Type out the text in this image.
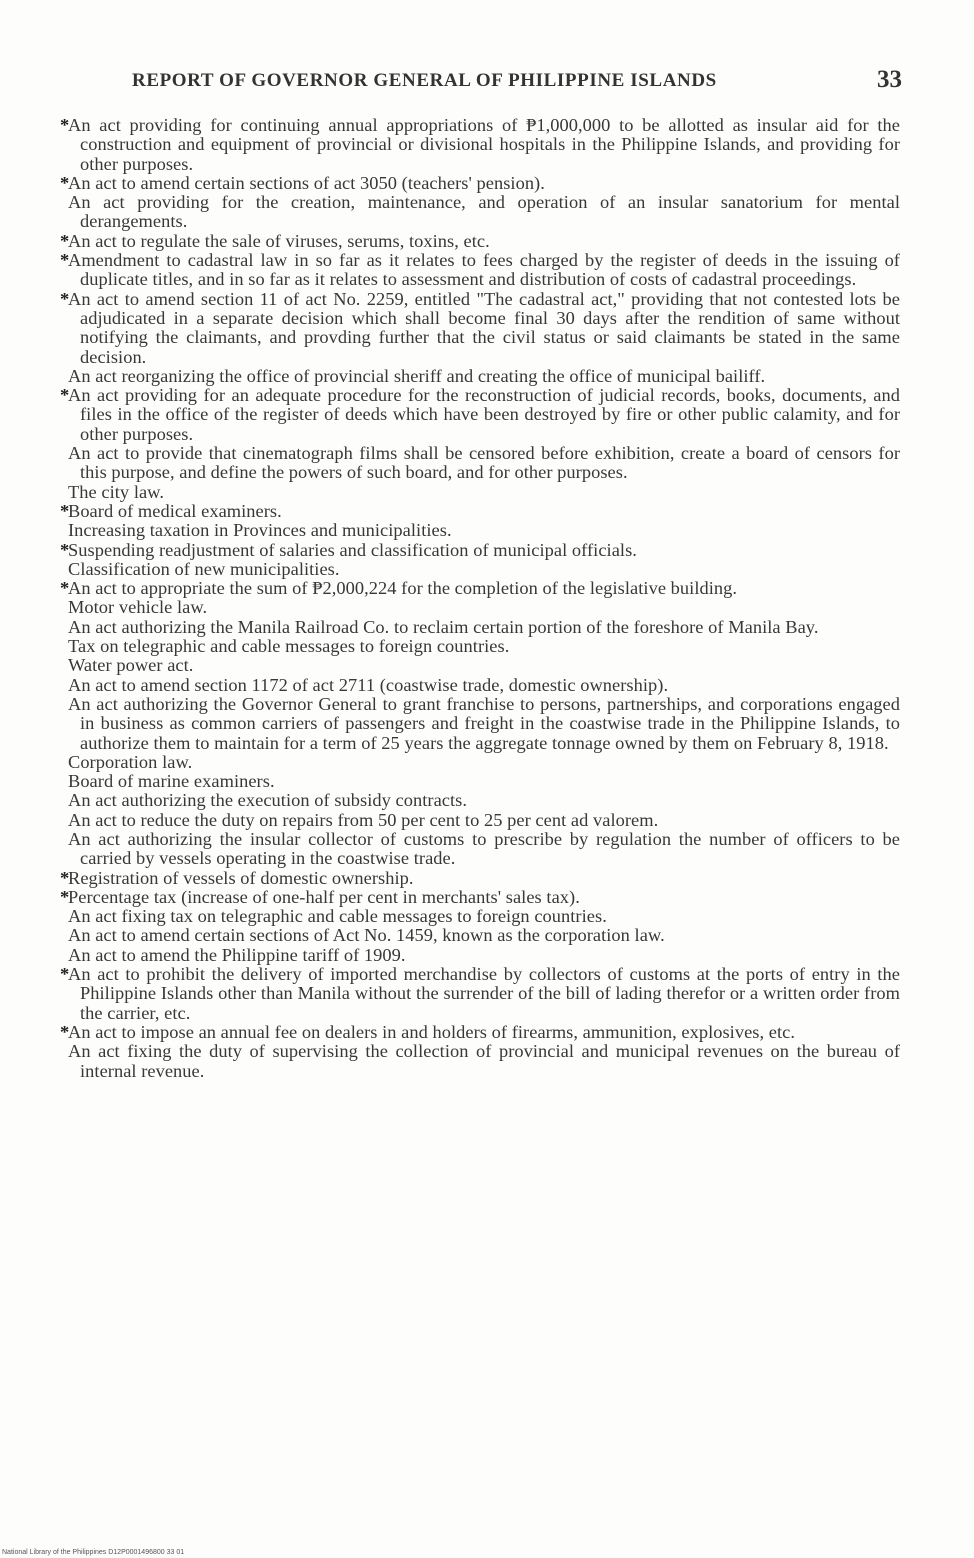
REPORT OF GOVERNOR GENERAL OF PHILIPPINE ISLANDS	33
*An act providing for continuing annual appropriations of ₱1,000,000 to be allotted as insular aid for the construction and equipment of provincial or divisional hospitals in the Philippine Islands, and providing for other purposes.
*An act to amend certain sections of act 3050 (teachers' pension).
An act providing for the creation, maintenance, and operation of an insular sanatorium for mental derangements.
*An act to regulate the sale of viruses, serums, toxins, etc.
*Amendment to cadastral law in so far as it relates to fees charged by the register of deeds in the issuing of duplicate titles, and in so far as it relates to assessment and distribution of costs of cadastral proceedings.
*An act to amend section 11 of act No. 2259, entitled "The cadastral act," providing that not contested lots be adjudicated in a separate decision which shall become final 30 days after the rendition of same without notifying the claimants, and provding further that the civil status or said claimants be stated in the same decision.
An act reorganizing the office of provincial sheriff and creating the office of municipal bailiff.
*An act providing for an adequate procedure for the reconstruction of judicial records, books, documents, and files in the office of the register of deeds which have been destroyed by fire or other public calamity, and for other purposes.
An act to provide that cinematograph films shall be censored before exhibition, create a board of censors for this purpose, and define the powers of such board, and for other purposes.
The city law.
*Board of medical examiners.
Increasing taxation in Provinces and municipalities.
*Suspending readjustment of salaries and classification of municipal officials.
Classification of new municipalities.
*An act to appropriate the sum of ₱2,000,224 for the completion of the legislative building.
Motor vehicle law.
An act authorizing the Manila Railroad Co. to reclaim certain portion of the foreshore of Manila Bay.
Tax on telegraphic and cable messages to foreign countries.
Water power act.
An act to amend section 1172 of act 2711 (coastwise trade, domestic ownership).
An act authorizing the Governor General to grant franchise to persons, partnerships, and corporations engaged in business as common carriers of passengers and freight in the coastwise trade in the Philippine Islands, to authorize them to maintain for a term of 25 years the aggregate tonnage owned by them on February 8, 1918.
Corporation law.
Board of marine examiners.
An act authorizing the execution of subsidy contracts.
An act to reduce the duty on repairs from 50 per cent to 25 per cent ad valorem.
An act authorizing the insular collector of customs to prescribe by regulation the number of officers to be carried by vessels operating in the coastwise trade.
*Registration of vessels of domestic ownership.
*Percentage tax (increase of one-half per cent in merchants' sales tax).
An act fixing tax on telegraphic and cable messages to foreign countries.
An act to amend certain sections of Act No. 1459, known as the corporation law.
An act to amend the Philippine tariff of 1909.
*An act to prohibit the delivery of imported merchandise by collectors of customs at the ports of entry in the Philippine Islands other than Manila without the surrender of the bill of lading therefor or a written order from the carrier, etc.
*An act to impose an annual fee on dealers in and holders of firearms, ammunition, explosives, etc.
An act fixing the duty of supervising the collection of provincial and municipal revenues on the bureau of internal revenue.
National Library of the Philippines D12P0001496800 33 01
